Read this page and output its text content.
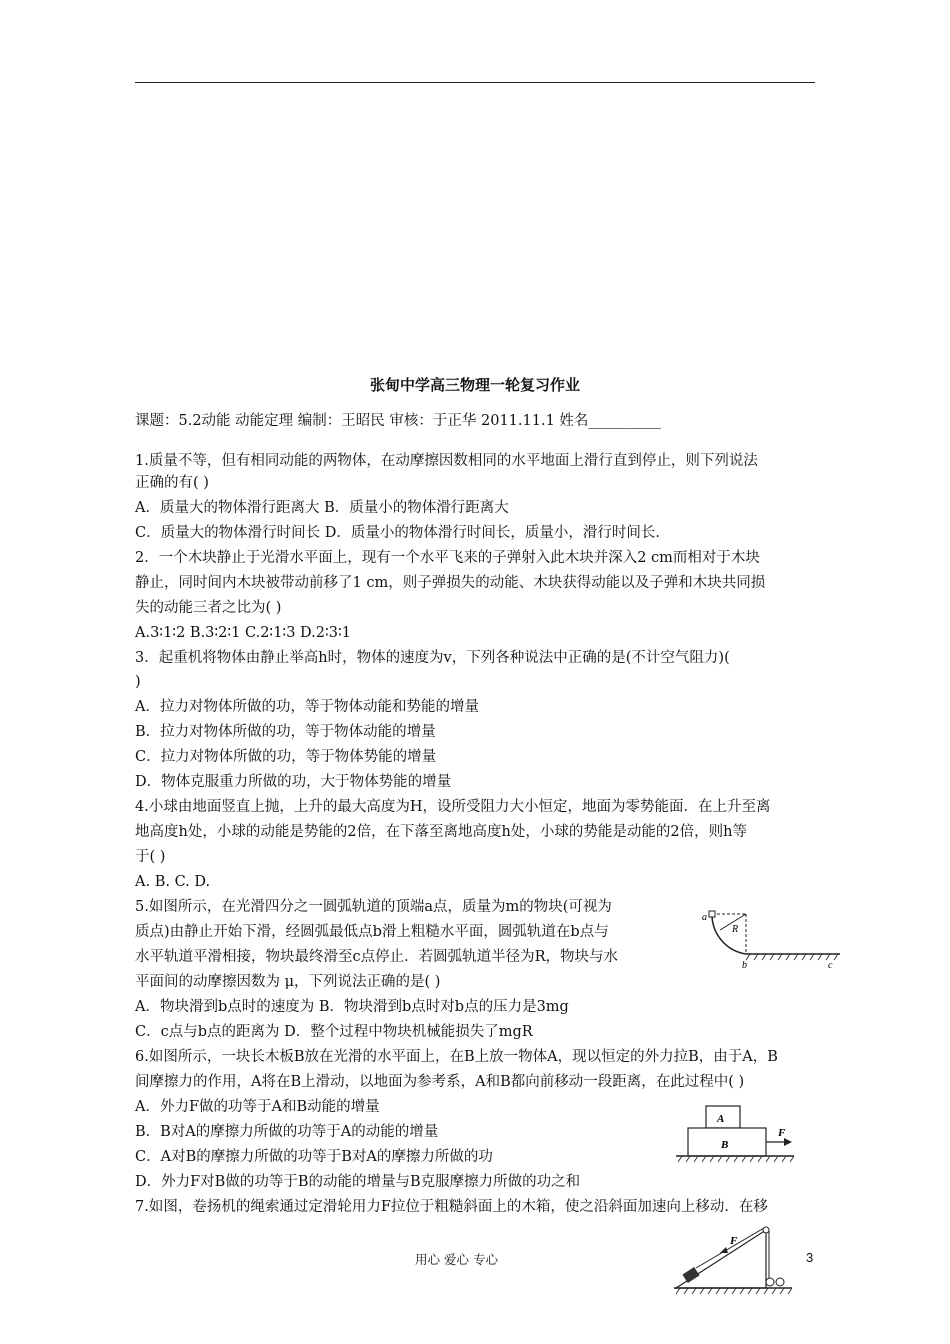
张甸中学高三物理一轮复习作业
课题：5.2动能 动能定理 编制：王昭民 审核：于正华 2011.11.1 姓名__________
1.质量不等，但有相同动能的两物体，在动摩擦因数相同的水平地面上滑行直到停止，则下列说法
正确的有( )
A．质量大的物体滑行距离大 B．质量小的物体滑行距离大
C．质量大的物体滑行时间长 D．质量小的物体滑行时间长，质量小，滑行时间长．
2．一个木块静止于光滑水平面上，现有一个水平飞来的子弹射入此木块并深入2 cm而相对于木块
静止，同时间内木块被带动前移了1 cm，则子弹损失的动能、木块获得动能以及子弹和木块共同损
失的动能三者之比为( )
A.3∶1∶2 B.3∶2∶1 C.2∶1∶3 D.2∶3∶1
3．起重机将物体由静止举高h时，物体的速度为v，下列各种说法中正确的是(不计空气阻力)(
)
A．拉力对物体所做的功，等于物体动能和势能的增量
B．拉力对物体所做的功，等于物体动能的增量
C．拉力对物体所做的功，等于物体势能的增量
D．物体克服重力所做的功，大于物体势能的增量
4.小球由地面竖直上抛，上升的最大高度为H，设所受阻力大小恒定，地面为零势能面．在上升至离
地高度h处，小球的动能是势能的2倍，在下落至离地高度h处，小球的势能是动能的2倍，则h等
于( )
A. B. C. D.
5.如图所示，在光滑四分之一圆弧轨道的顶端a点，质量为m的物块(可视为
质点)由静止开始下滑，经圆弧最低点b滑上粗糙水平面，圆弧轨道在b点与
水平轨道平滑相接，物块最终滑至c点停止．若圆弧轨道半径为R，物块与水
平面间的动摩擦因数为 μ，下列说法正确的是( )
A．物块滑到b点时的速度为 B．物块滑到b点时对b点的压力是3mg
C．c点与b点的距离为 D．整个过程中物块机械能损失了mgR
6.如图所示，一块长木板B放在光滑的水平面上，在B上放一物体A，现以恒定的外力拉B，由于A，B
间摩擦力的作用，A将在B上滑动，以地面为参考系，A和B都向前移动一段距离，在此过程中( )
A．外力F做的功等于A和B动能的增量
B．B对A的摩擦力所做的功等于A的动能的增量
C．A对B的摩擦力所做的功等于B对A的摩擦力所做的功
D．外力F对B做的功等于B的动能的增量与B克服摩擦力所做的功之和
7.如图，卷扬机的绳索通过定滑轮用力F拉位于粗糙斜面上的木箱，使之沿斜面加速向上移动．在移
a
R
b	c
A
B
F
F
用心 爱心 专心	3
